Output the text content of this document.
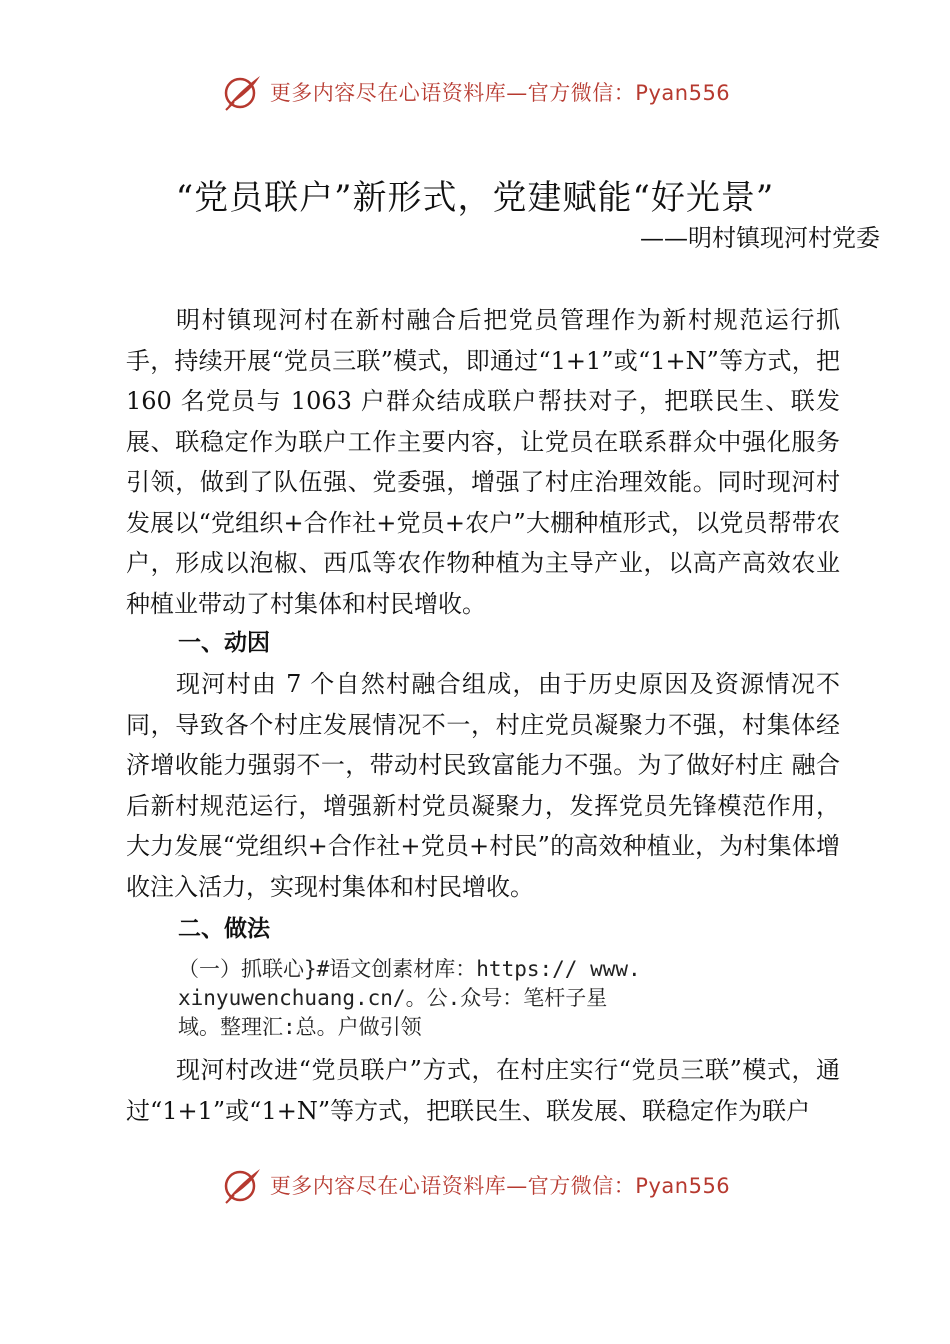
更多内容尽在心语资料库—官方微信：Pyan556
“党员联户”新形式，党建赋能“好光景”
——明村镇现河村党委

明村镇现河村在新村融合后把党员管理作为新村规范运行抓手，持续开展“党员三联”模式，即通过“1+1”或“1+N”等方式，把 160 名党员与 1063 户群众结成联户帮扶对子，把联民生、联发展、联稳定作为联户工作主要内容，让党员在联系群众中强化服务引领，做到了队伍强、党委强，增强了村庄治理效能。同时现河村发展以“党组织+合作社+党员+农户”大棚种植形式，以党员帮带农户，形成以泡椒、西瓜等农作物种植为主导产业，以高产高效农业种植业带动了村集体和村民增收。

一、动因

现河村由 7 个自然村融合组成，由于历史原因及资源情况不同，导致各个村庄发展情况不一，村庄党员凝聚力不强，村集体经济增收能力强弱不一，带动村民致富能力不强。为了做好村庄 融合后新村规范运行，增强新村党员凝聚力，发挥党员先锋模范作用，大力发展“党组织+合作社+党员+村民”的高效种植业，为村集体增收注入活力，实现村集体和村民增收。

二、做法
（一）抓联心}#语文创素材库：https:// www.xinyuwenchuang.cn/。公.众号：笔杆子星域。整理汇:总。户做引领

现河村改进“党员联户”方式，在村庄实行“党员三联”模式，通过“1+1”或“1+N”等方式，把联民生、联发展、联稳定作为联户

更多内容尽在心语资料库—官方微信：Pyan556
